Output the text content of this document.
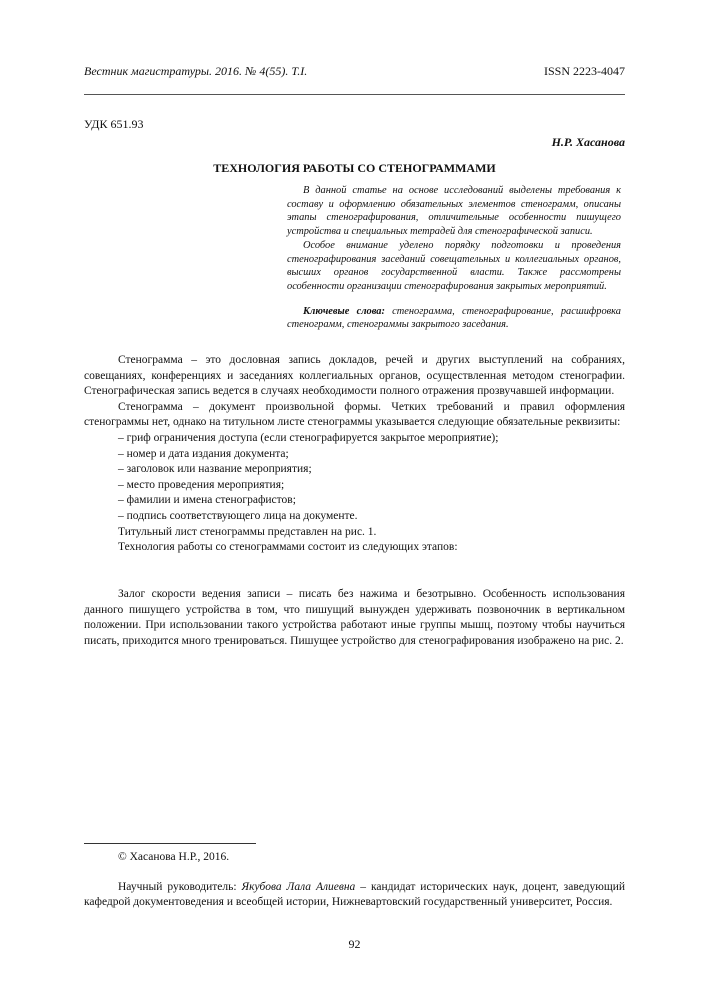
Вестник магистратуры. 2016. № 4(55). Т.I.	ISSN 2223-4047
УДК 651.93
Н.Р. Хасанова
ТЕХНОЛОГИЯ РАБОТЫ СО СТЕНОГРАММАМИ

В данной статье на основе исследований выделены требования к составу и оформлению обязательных элементов стенограмм, описаны этапы стенографирования, отличительные особенности пишущего устройства и специальных тетрадей для стенографической записи.

Особое внимание уделено порядку подготовки и проведения стенографирования заседаний совещательных и коллегиальных органов, высших органов государственной власти. Также рассмотрены особенности организации стенографирования закрытых мероприятий.

Ключевые слова: стенограмма, стенографирование, расшифровка стенограмм, стенограммы закрытого заседания.

Стенограмма – это дословная запись докладов, речей и других выступлений на собраниях, совещаниях, конференциях и заседаниях коллегиальных органов, осуществленная методом стенографии. Стенографическая запись ведется в случаях необходимости полного отражения прозвучавшей информации.

Стенограмма – документ произвольной формы. Четких требований и правил оформления стенограммы нет, однако на титульном листе стенограммы указывается следующие обязательные реквизиты:

– гриф ограничения доступа (если стенографируется закрытое мероприятие);

– номер и дата издания документа;

– заголовок или название мероприятия;

– место проведения мероприятия;

– фамилии и имена стенографистов;

– подпись соответствующего лица на документе.

Титульный лист стенограммы представлен на рис. 1.

Технология работы со стенограммами состоит из следующих этапов:

Залог скорости ведения записи – писать без нажима и безотрывно. Особенность использования данного пишущего устройства в том, что пишущий вынужден удерживать позвоночник в вертикальном положении. При использовании такого устройства работают иные группы мышц, поэтому чтобы научиться писать, приходится много тренироваться. Пишущее устройство для стенографирования изображено на рис. 2.

© Хасанова Н.Р., 2016.
Научный руководитель: Якубова Лала Алиевна – кандидат исторических наук, доцент, заведующий кафедрой документоведения и всеобщей истории, Нижневартовский государственный университет, Россия.
92
